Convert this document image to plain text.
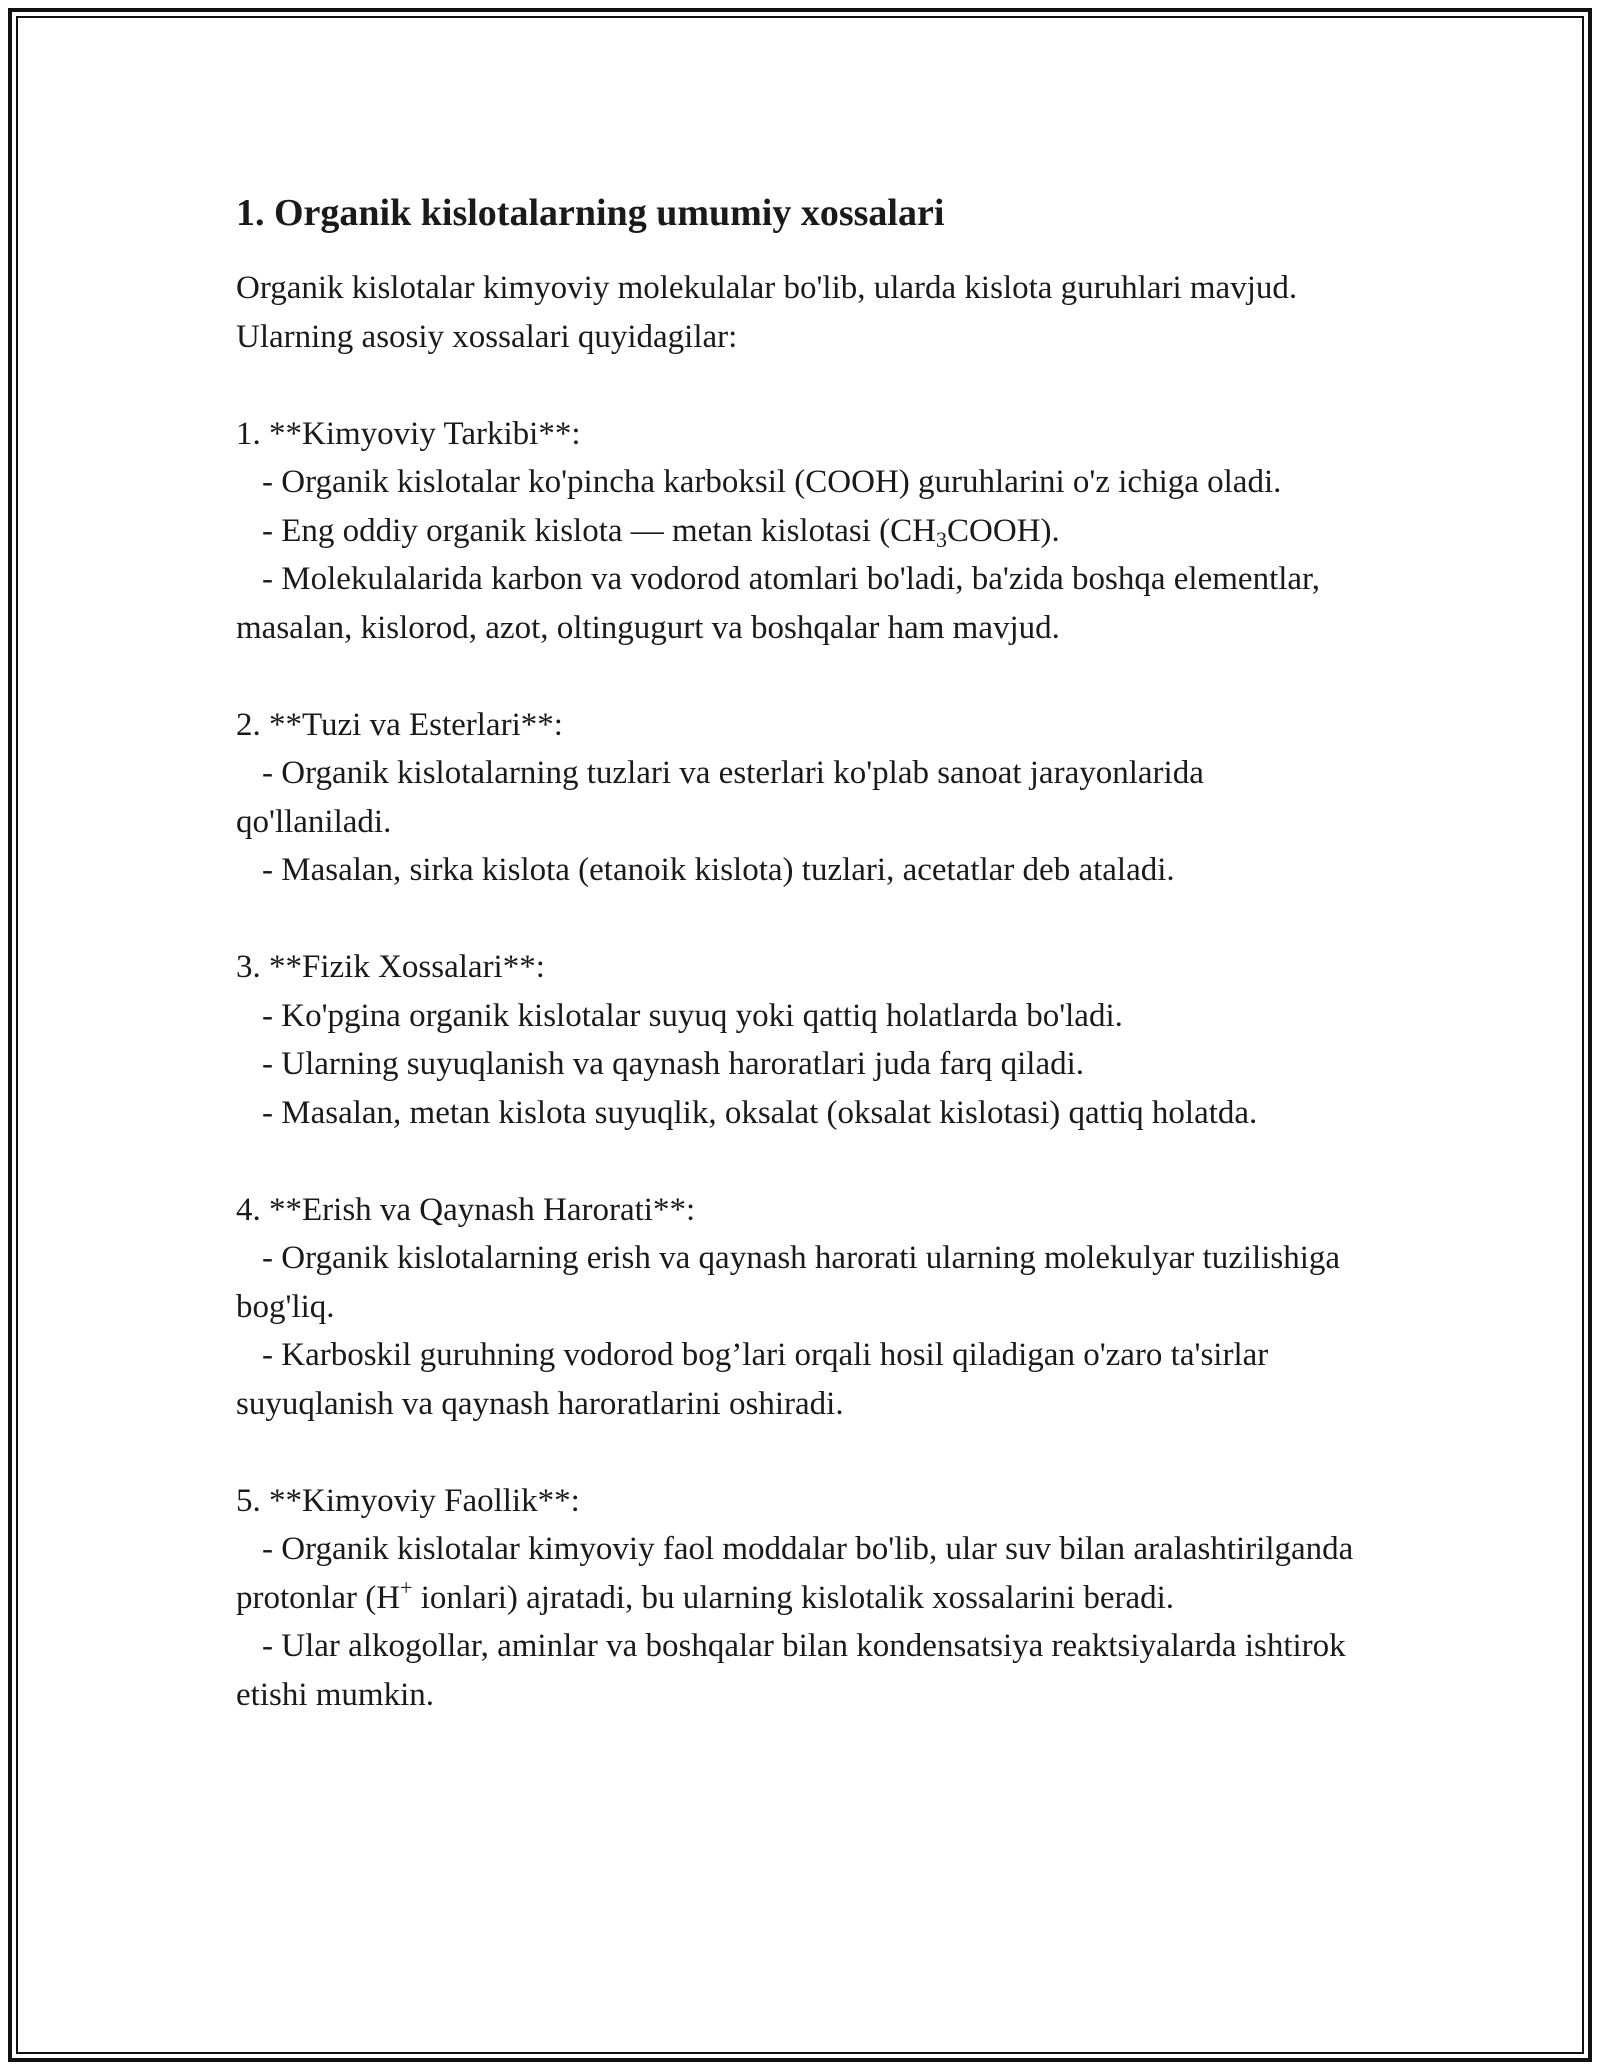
1. Organik kislotalarning umumiy xossalari

Organik kislotalar kimyoviy molekulalar bo'lib, ularda kislota guruhlari mavjud. Ularning asosiy xossalari quyidagilar:

1. **Kimyoviy Tarkibi**:

- Organik kislotalar ko'pincha karboksil (COOH) guruhlarini o'z ichiga oladi.

- Eng oddiy organik kislota — metan kislotasi $(CH_3COOH)$.

- Molekulalarida karbon va vodorod atomlari bo'ladi, ba'zida boshqa elementlar, masalan, kislorod, azot, oltingugurt va boshqalar ham mavjud.

2. **Tuzi va Esterlari**:

- Organik kislotalarning tuzlari va esterlari ko'plab sanoat jarayonlarida qo'llaniladi.

- Masalan, sirka kislota (etanoik kislota) tuzlari, acetatlar deb ataladi.

3. **Fizik Xossalari**:

- Ko'pgina organik kislotalar suyuq yoki qattiq holatlarda bo'ladi.

- Ularning suyuqlanish va qaynash haroratlari juda farq qiladi.

- Masalan, metan kislota suyuqlik, oksalat (oksalat kislotasi) qattiq holatda.

4. **Erish va Qaynash Harorati**:

- Organik kislotalarning erish va qaynash harorati ularning molekulyar tuzilishiga bog'liq.

- Karboskil guruhning vodorod bog’lari orqali hosil qiladigan o'zaro ta'sirlar suyuqlanish va qaynash haroratlarini oshiradi.

5. **Kimyoviy Faollik**:

- Organik kislotalar kimyoviy faol moddalar bo'lib, ular suv bilan aralashtirilganda protonlar (H+ ionlari) ajratadi, bu ularning kislotalik xossalarini beradi.

- Ular alkogollar, aminlar va boshqalar bilan kondensatsiya reaktsiyalarda ishtirok etishi mumkin.
